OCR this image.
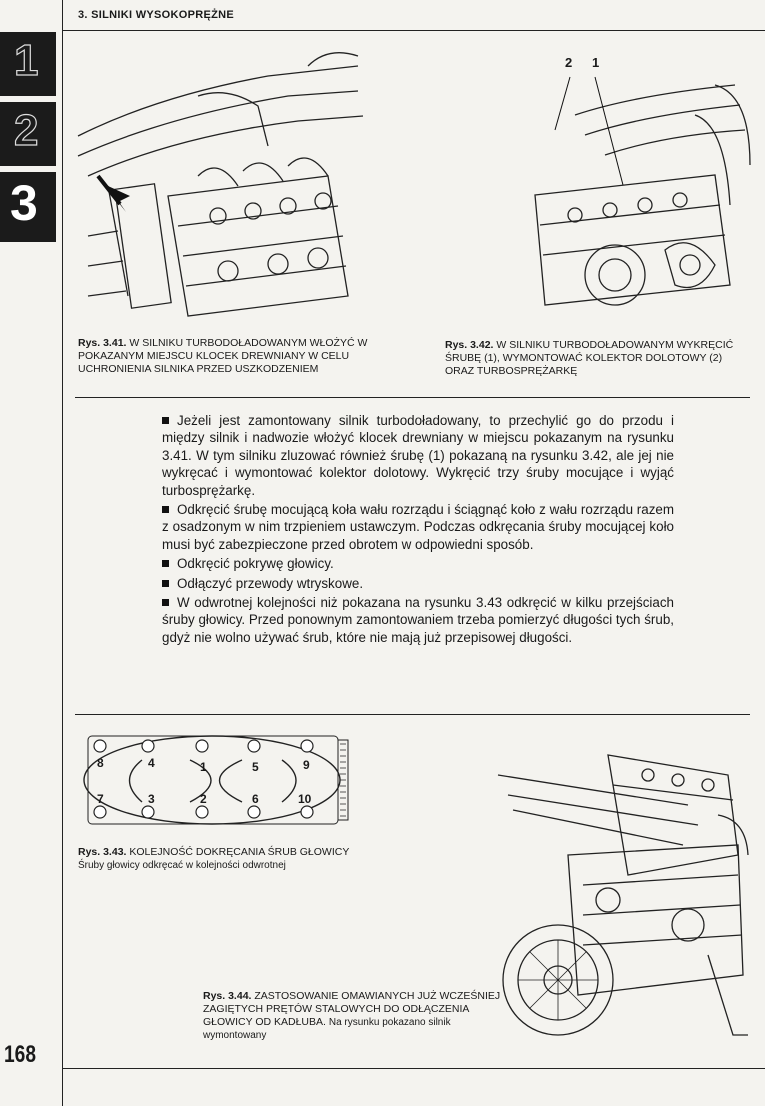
3. SILNIKI WYSOKOPRĘŻNE
1
2
3
2 1
Rys. 3.41. W SILNIKU TURBODOŁADOWANYM WŁOŻYĆ W POKAZANYM MIEJSCU KLOCEK DREWNIANY W CELU UCHRONIENIA SILNIKA PRZED USZKODZENIEM
Rys. 3.42. W SILNIKU TURBODOŁADOWANYM WYKRĘCIĆ ŚRUBĘ (1), WYMONTOWAĆ KOLEKTOR DOLOTOWY (2) ORAZ TURBOSPRĘŻARKĘ

Jeżeli jest zamontowany silnik turbodoładowany, to przechylić go do przodu i między silnik i nadwozie włożyć klocek drewniany w miejscu pokazanym na rysunku 3.41. W tym silniku zluzować również śrubę (1) pokazaną na rysunku 3.42, ale jej nie wykręcać i wymontować kolektor dolotowy. Wykręcić trzy śruby mocujące i wyjąć turbosprężarkę.

Odkręcić śrubę mocującą koła wału rozrządu i ściągnąć koło z wału rozrządu razem z osadzonym w nim trzpieniem ustawczym. Podczas odkręcania śruby mocującej koło musi być zabezpieczone przed obrotem w odpowiedni sposób.

Odkręcić pokrywę głowicy.

Odłączyć przewody wtryskowe.

W odwrotnej kolejności niż pokazana na rysunku 3.43 odkręcić w kilku przejściach śruby głowicy. Przed ponownym zamontowaniem trzeba pomierzyć długości tych śrub, gdyż nie wolno używać śrub, które nie mają już przepisowej długości.

8	4	1	5	9
7	3	2	6	10
Rys. 3.43. KOLEJNOŚĆ DOKRĘCANIA ŚRUB GŁOWICY
Śruby głowicy odkręcać w kolejności odwrotnej
Rys. 3.44. ZASTOSOWANIE OMAWIANYCH JUŻ WCZEŚNIEJ ZAGIĘTYCH PRĘTÓW STALOWYCH DO ODŁĄCZENIA GŁOWICY OD KADŁUBA. Na rysunku pokazano silnik wymontowany
168
